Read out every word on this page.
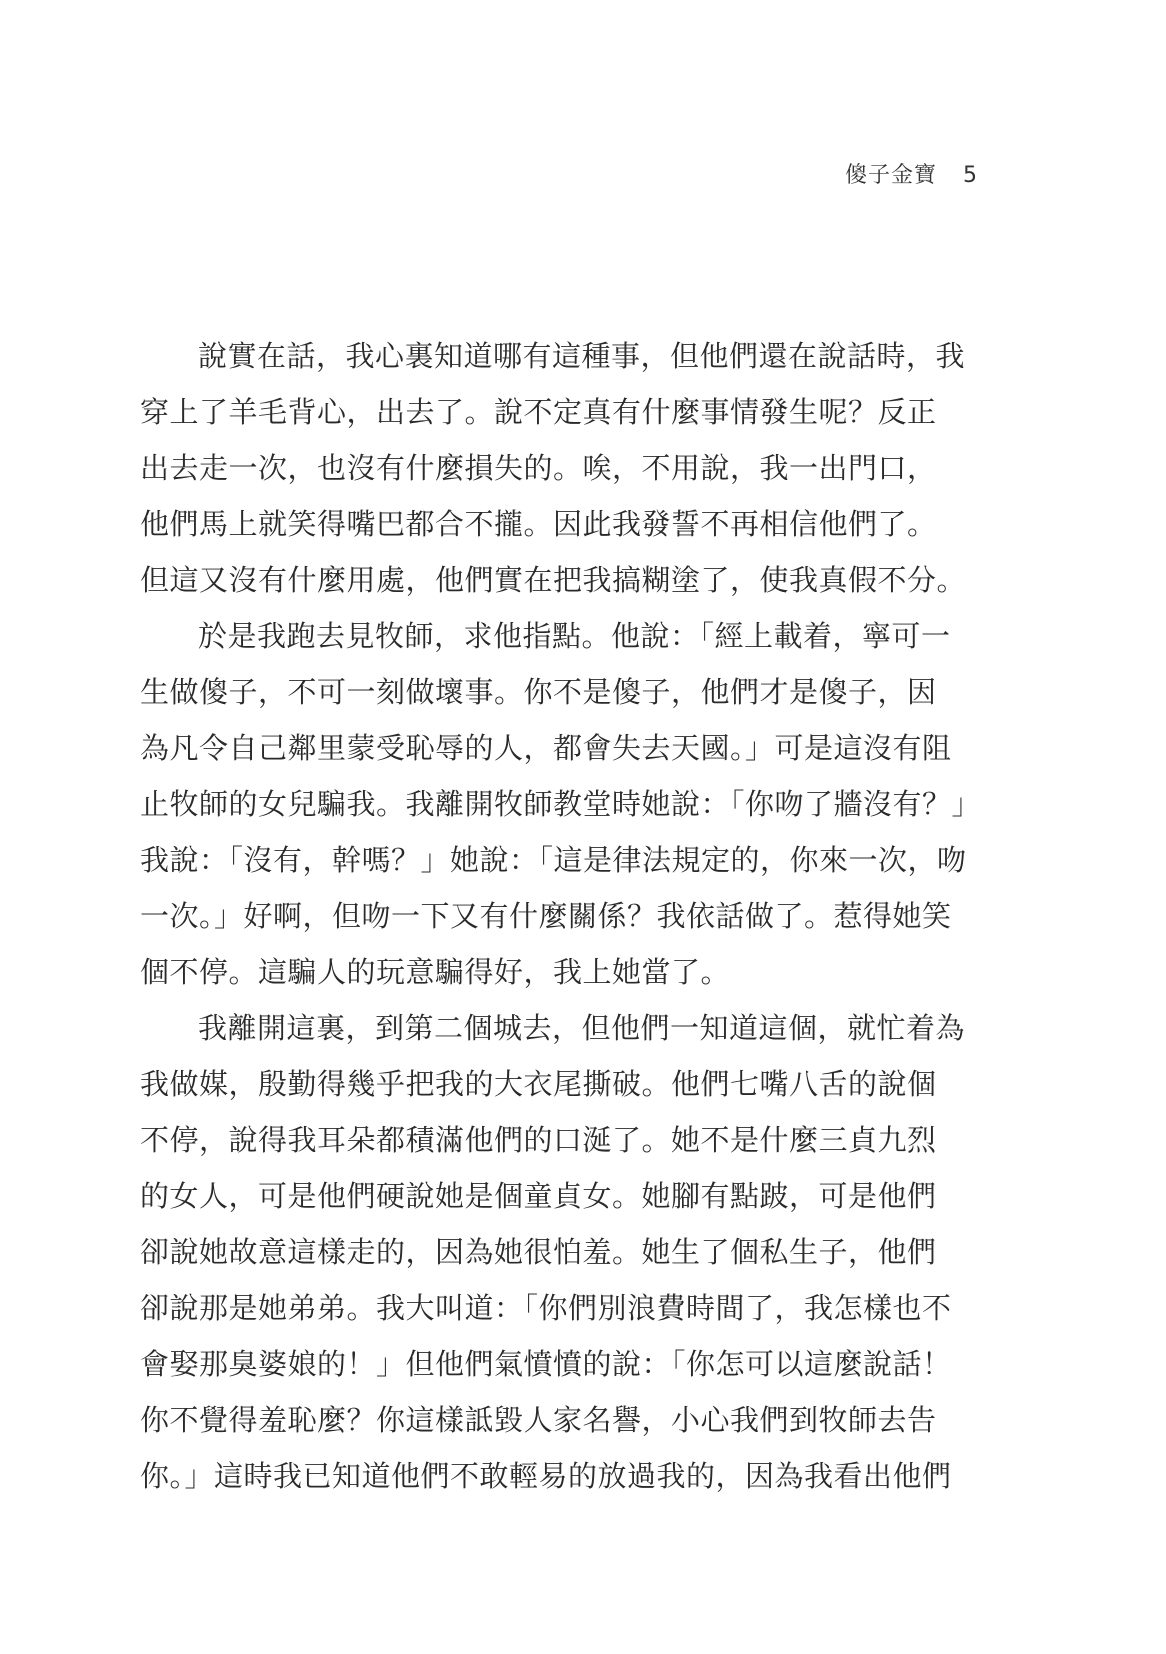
傻子金寶 5
說實在話，我心裏知道哪有這種事，但他們還在說話時，我
穿上了羊毛背心，出去了。說不定真有什麼事情發生呢？反正
出去走一次，也沒有什麼損失的。唉，不用說，我一出門口，
他們馬上就笑得嘴巴都合不攏。因此我發誓不再相信他們了。
但這又沒有什麼用處，他們實在把我搞糊塗了，使我真假不分。
於是我跑去見牧師，求他指點。他說：「經上載着，寧可一
生做傻子，不可一刻做壞事。你不是傻子，他們才是傻子，因
為凡令自己鄰里蒙受恥辱的人，都會失去天國。」可是這沒有阻
止牧師的女兒騙我。我離開牧師教堂時她說：「你吻了牆沒有？」
我說：「沒有，幹嗎？」她說：「這是律法規定的，你來一次，吻
一次。」好啊，但吻一下又有什麼關係？我依話做了。惹得她笑
個不停。這騙人的玩意騙得好，我上她當了。
我離開這裏，到第二個城去，但他們一知道這個，就忙着為
我做媒，殷勤得幾乎把我的大衣尾撕破。他們七嘴八舌的說個
不停，說得我耳朵都積滿他們的口涎了。她不是什麼三貞九烈
的女人，可是他們硬說她是個童貞女。她腳有點跛，可是他們
卻說她故意這樣走的，因為她很怕羞。她生了個私生子，他們
卻說那是她弟弟。我大叫道：「你們別浪費時間了，我怎樣也不
會娶那臭婆娘的！」但他們氣憤憤的說：「你怎可以這麼說話！
你不覺得羞恥麼？你這樣詆毀人家名譽，小心我們到牧師去告
你。」這時我已知道他們不敢輕易的放過我的，因為我看出他們
